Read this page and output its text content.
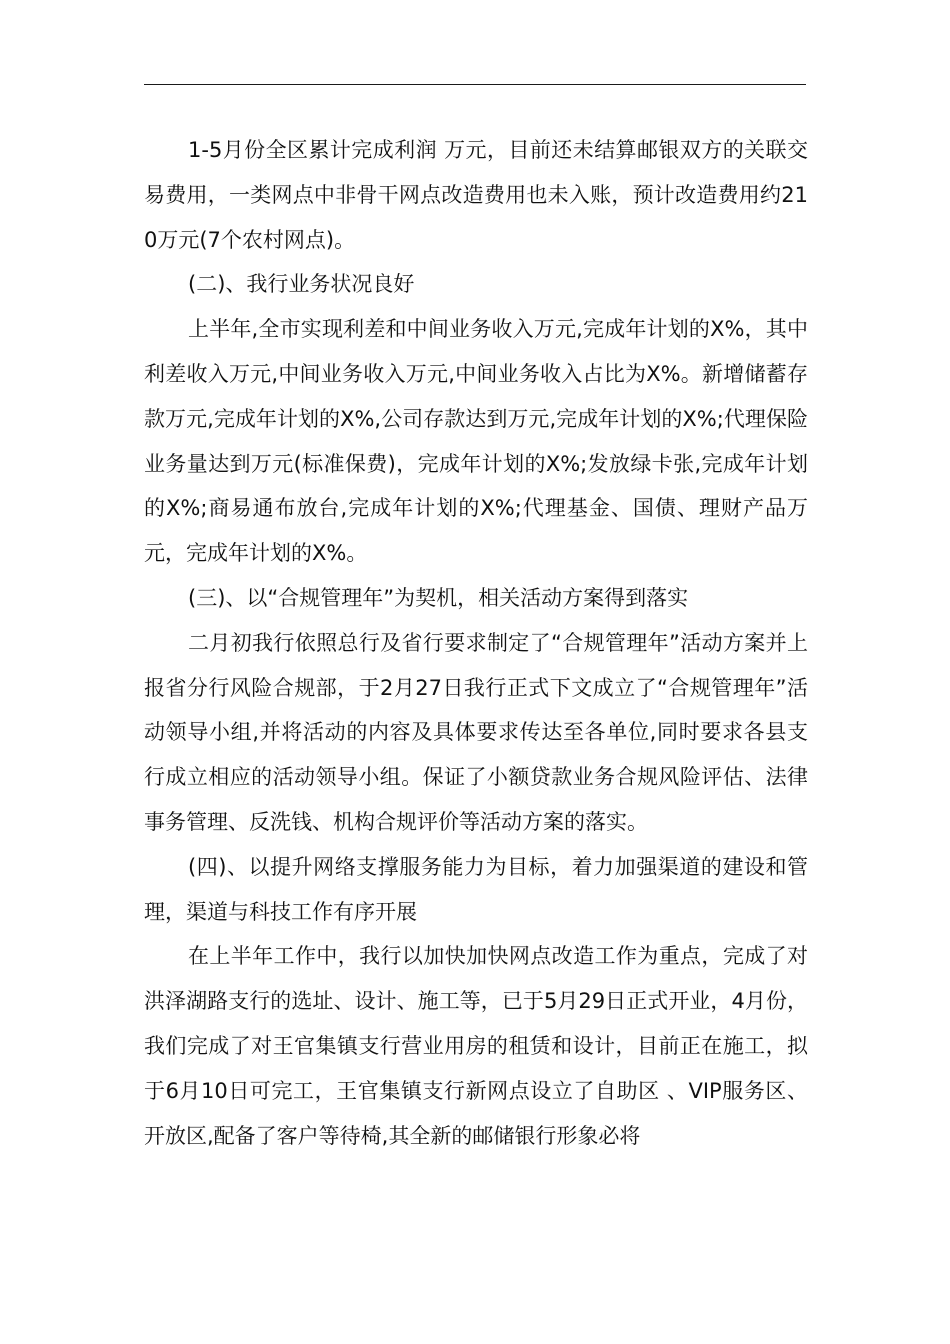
1-5月份全区累计完成利润 万元，目前还未结算邮银双方的关联交易费用，一类网点中非骨干网点改造费用也未入账，预计改造费用约210万元(7个农村网点)。

(二)、我行业务状况良好

上半年,全市实现利差和中间业务收入万元,完成年计划的X%，其中利差收入万元,中间业务收入万元,中间业务收入占比为X%。新增储蓄存款万元,完成年计划的X%,公司存款达到万元,完成年计划的X%;代理保险业务量达到万元(标准保费)，完成年计划的X%;发放绿卡张,完成年计划的X%;商易通布放台,完成年计划的X%;代理基金、国债、理财产品万元，完成年计划的X%。

(三)、以“合规管理年”为契机，相关活动方案得到落实

二月初我行依照总行及省行要求制定了“合规管理年”活动方案并上报省分行风险合规部，于2月27日我行正式下文成立了“合规管理年”活动领导小组,并将活动的内容及具体要求传达至各单位,同时要求各县支行成立相应的活动领导小组。保证了小额贷款业务合规风险评估、法律事务管理、反洗钱、机构合规评价等活动方案的落实。

(四)、以提升网络支撑服务能力为目标，着力加强渠道的建设和管理，渠道与科技工作有序开展

在上半年工作中，我行以加快加快网点改造工作为重点，完成了对洪泽湖路支行的选址、设计、施工等，已于5月29日正式开业，4月份，我们完成了对王官集镇支行营业用房的租赁和设计，目前正在施工，拟于6月10日可完工，王官集镇支行新网点设立了自助区 、VIP服务区、开放区,配备了客户等待椅,其全新的邮储银行形象必将
